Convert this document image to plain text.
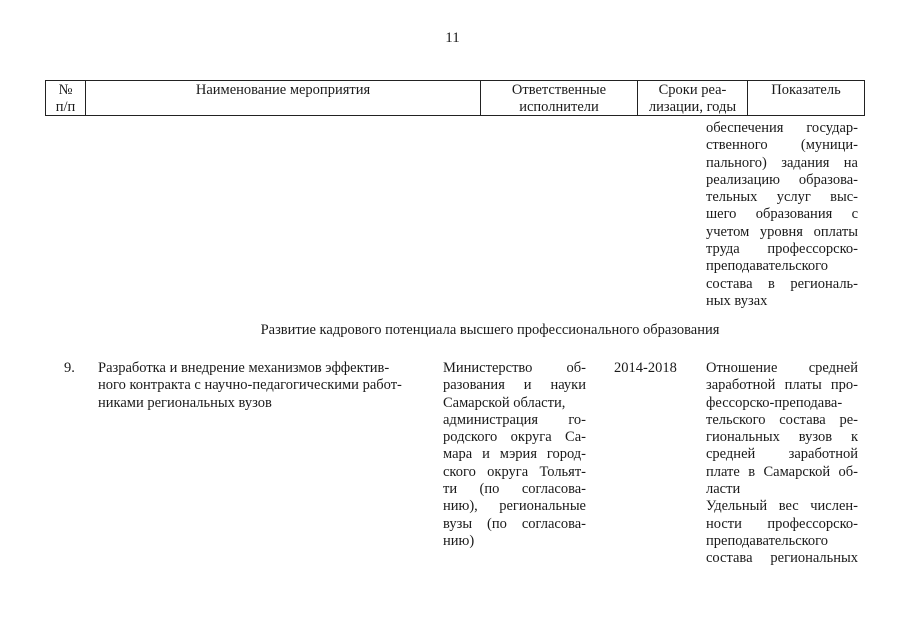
11
№
п/п
Наименование мероприятия	Ответственные
исполнители
Сроки реа-
лизации, годы
Показатель
обеспечения государ-
ственного (муници-
пального) задания на
реализацию образова-
тельных услуг выс-
шего образования с
учетом уровня оплаты
труда профессорско-
преподавательского
состава в региональ-
ных вузах
Развитие кадрового потенциала высшего профессионального образования
9. Разработка и внедрение механизмов эффектив-
ного контракта с научно-педагогическими работ-
никами региональных вузов
Министерство об-
разования и науки
Самарской области,
администрация го-
родского округа Са-
мара и мэрия город-
ского округа Тольят-
ти (по согласова-
нию), региональные
вузы (по согласова-
нию)
2014-2018 Отношение средней
заработной платы про-
фессорско-преподава-
тельского состава ре-
гиональных вузов к
средней заработной
плате в Самарской об-
ласти
Удельный вес числен-
ности профессорско-
преподавательского
состава региональных
